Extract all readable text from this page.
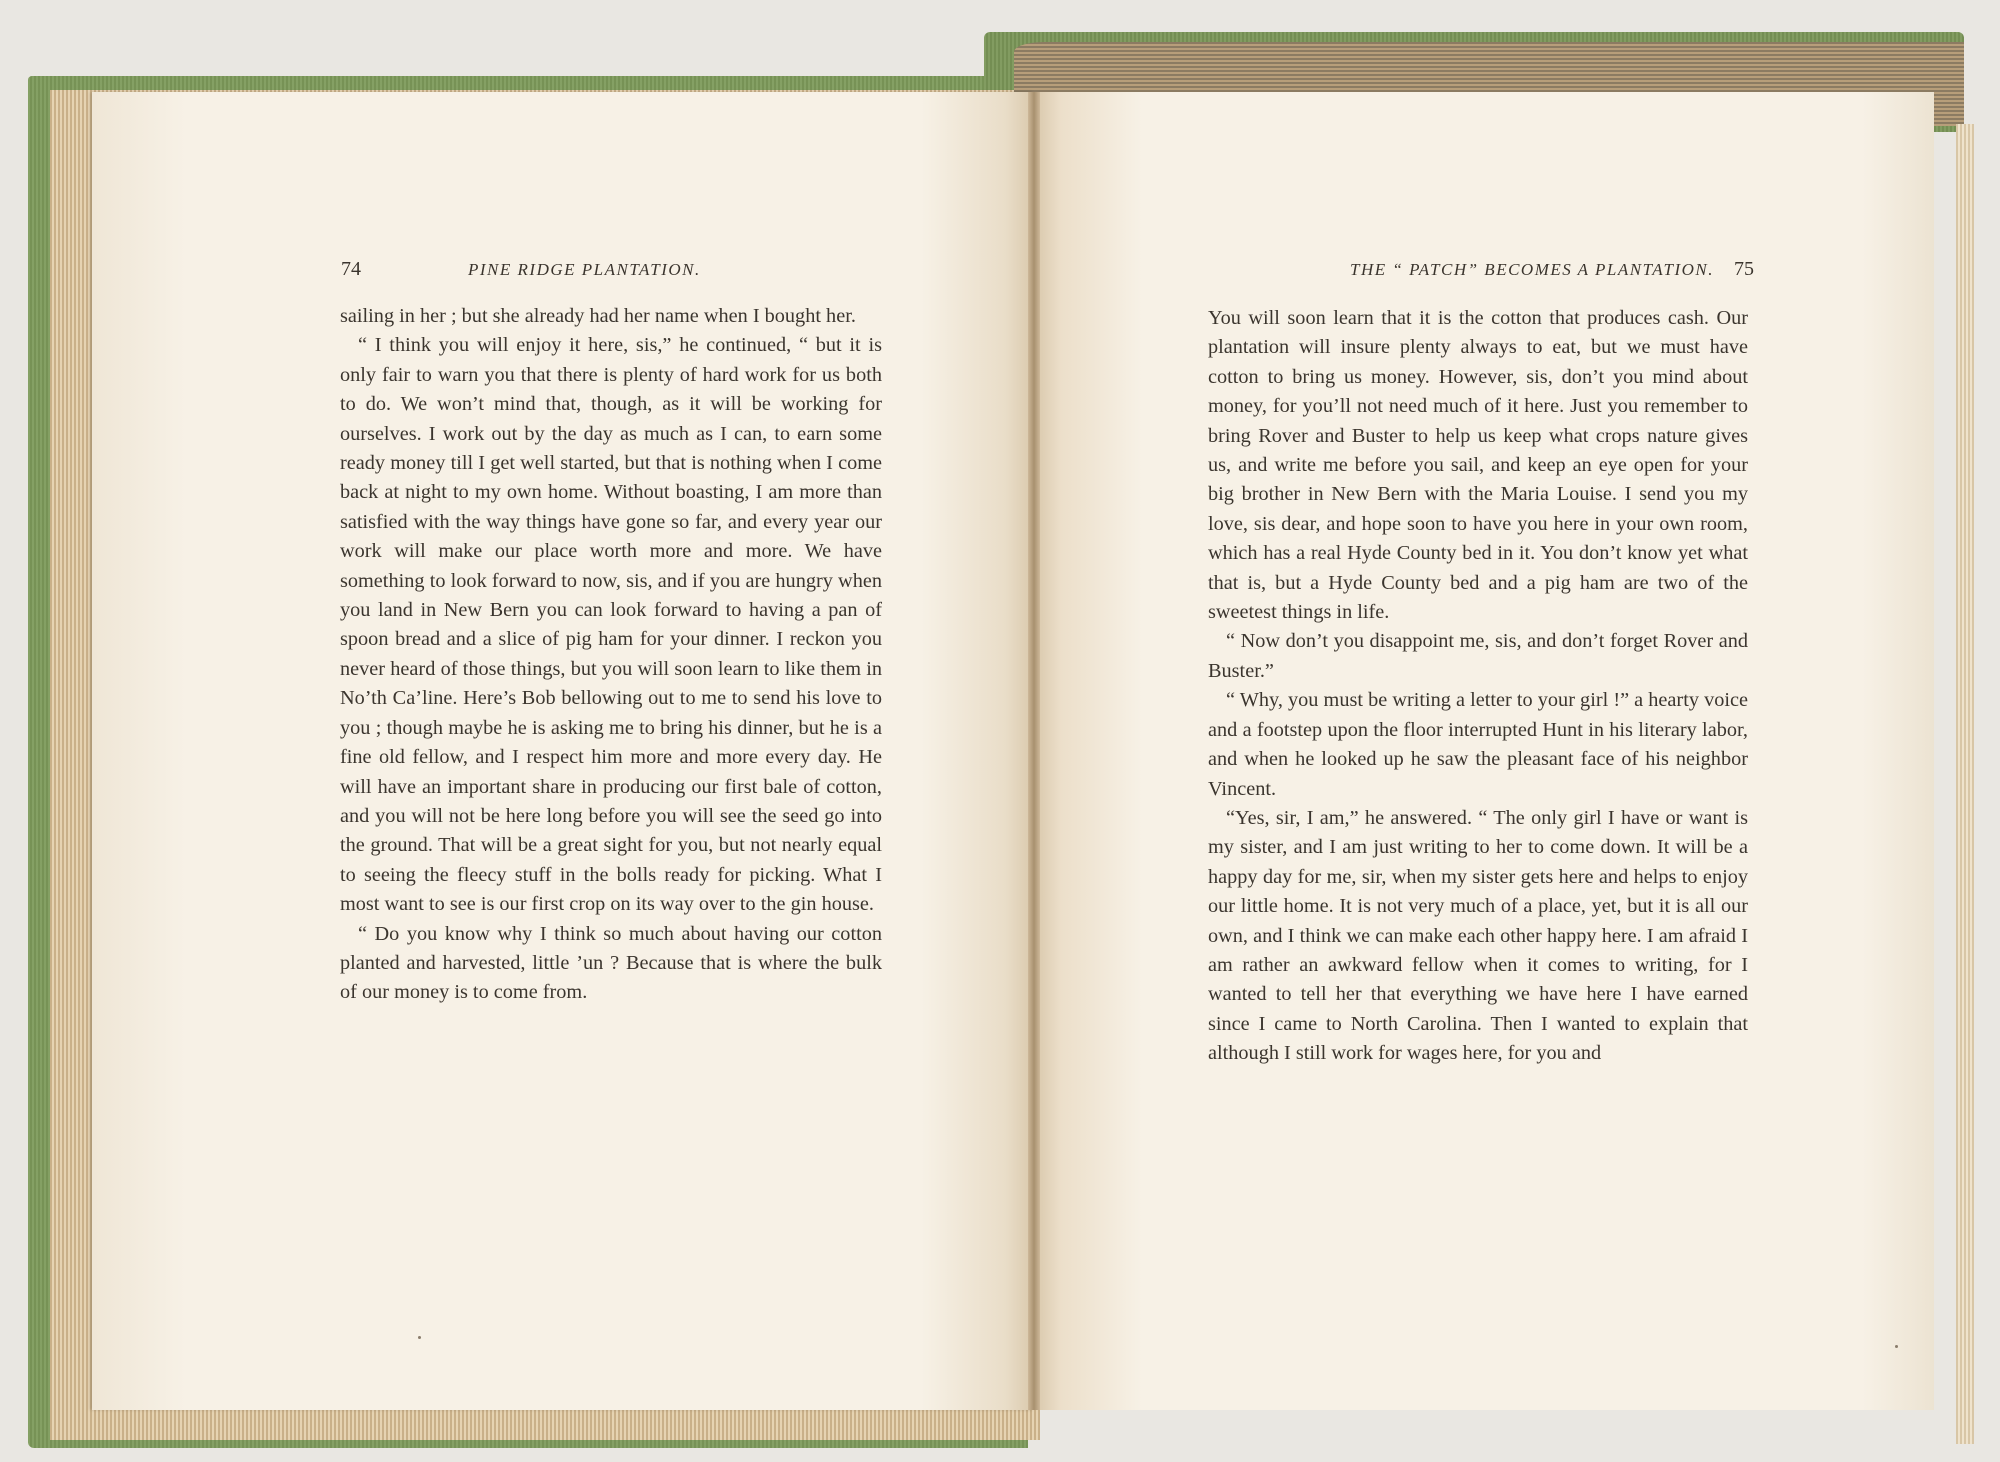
74	PINE RIDGE PLANTATION.	THE “ PATCH” BECOMES A PLANTATION. 75

sailing in her ; but she already had her name when I bought her.

“ I think you will enjoy it here, sis,” he continued, “ but it is only fair to warn you that there is plenty of hard work for us both to do. We won’t mind that, though, as it will be working for ourselves. I work out by the day as much as I can, to earn some ready money till I get well started, but that is nothing when I come back at night to my own home. Without boasting, I am more than satisfied with the way things have gone so far, and every year our work will make our place worth more and more. We have something to look forward to now, sis, and if you are hungry when you land in New Bern you can look forward to having a pan of spoon bread and a slice of pig ham for your dinner. I reckon you never heard of those things, but you will soon learn to like them in No’th Ca’line. Here’s Bob bellowing out to me to send his love to you ; though maybe he is asking me to bring his dinner, but he is a fine old fellow, and I respect him more and more every day. He will have an important share in producing our first bale of cotton, and you will not be here long before you will see the seed go into the ground. That will be a great sight for you, but not nearly equal to seeing the fleecy stuff in the bolls ready for picking. What I most want to see is our first crop on its way over to the gin house.

“ Do you know why I think so much about having our cotton planted and harvested, little ’un ? Because that is where the bulk of our money is to come from.

You will soon learn that it is the cotton that produces cash. Our plantation will insure plenty always to eat, but we must have cotton to bring us money. However, sis, don’t you mind about money, for you’ll not need much of it here. Just you remember to bring Rover and Buster to help us keep what crops nature gives us, and write me before you sail, and keep an eye open for your big brother in New Bern with the Maria Louise. I send you my love, sis dear, and hope soon to have you here in your own room, which has a real Hyde County bed in it. You don’t know yet what that is, but a Hyde County bed and a pig ham are two of the sweetest things in life.

“ Now don’t you disappoint me, sis, and don’t forget Rover and Buster.”

“ Why, you must be writing a letter to your girl !” a hearty voice and a footstep upon the floor interrupted Hunt in his literary labor, and when he looked up he saw the pleasant face of his neighbor Vincent.

“Yes, sir, I am,” he answered. “ The only girl I have or want is my sister, and I am just writing to her to come down. It will be a happy day for me, sir, when my sister gets here and helps to enjoy our little home. It is not very much of a place, yet, but it is all our own, and I think we can make each other happy here. I am afraid I am rather an awkward fellow when it comes to writing, for I wanted to tell her that everything we have here I have earned since I came to North Carolina. Then I wanted to explain that although I still work for wages here, for you and
